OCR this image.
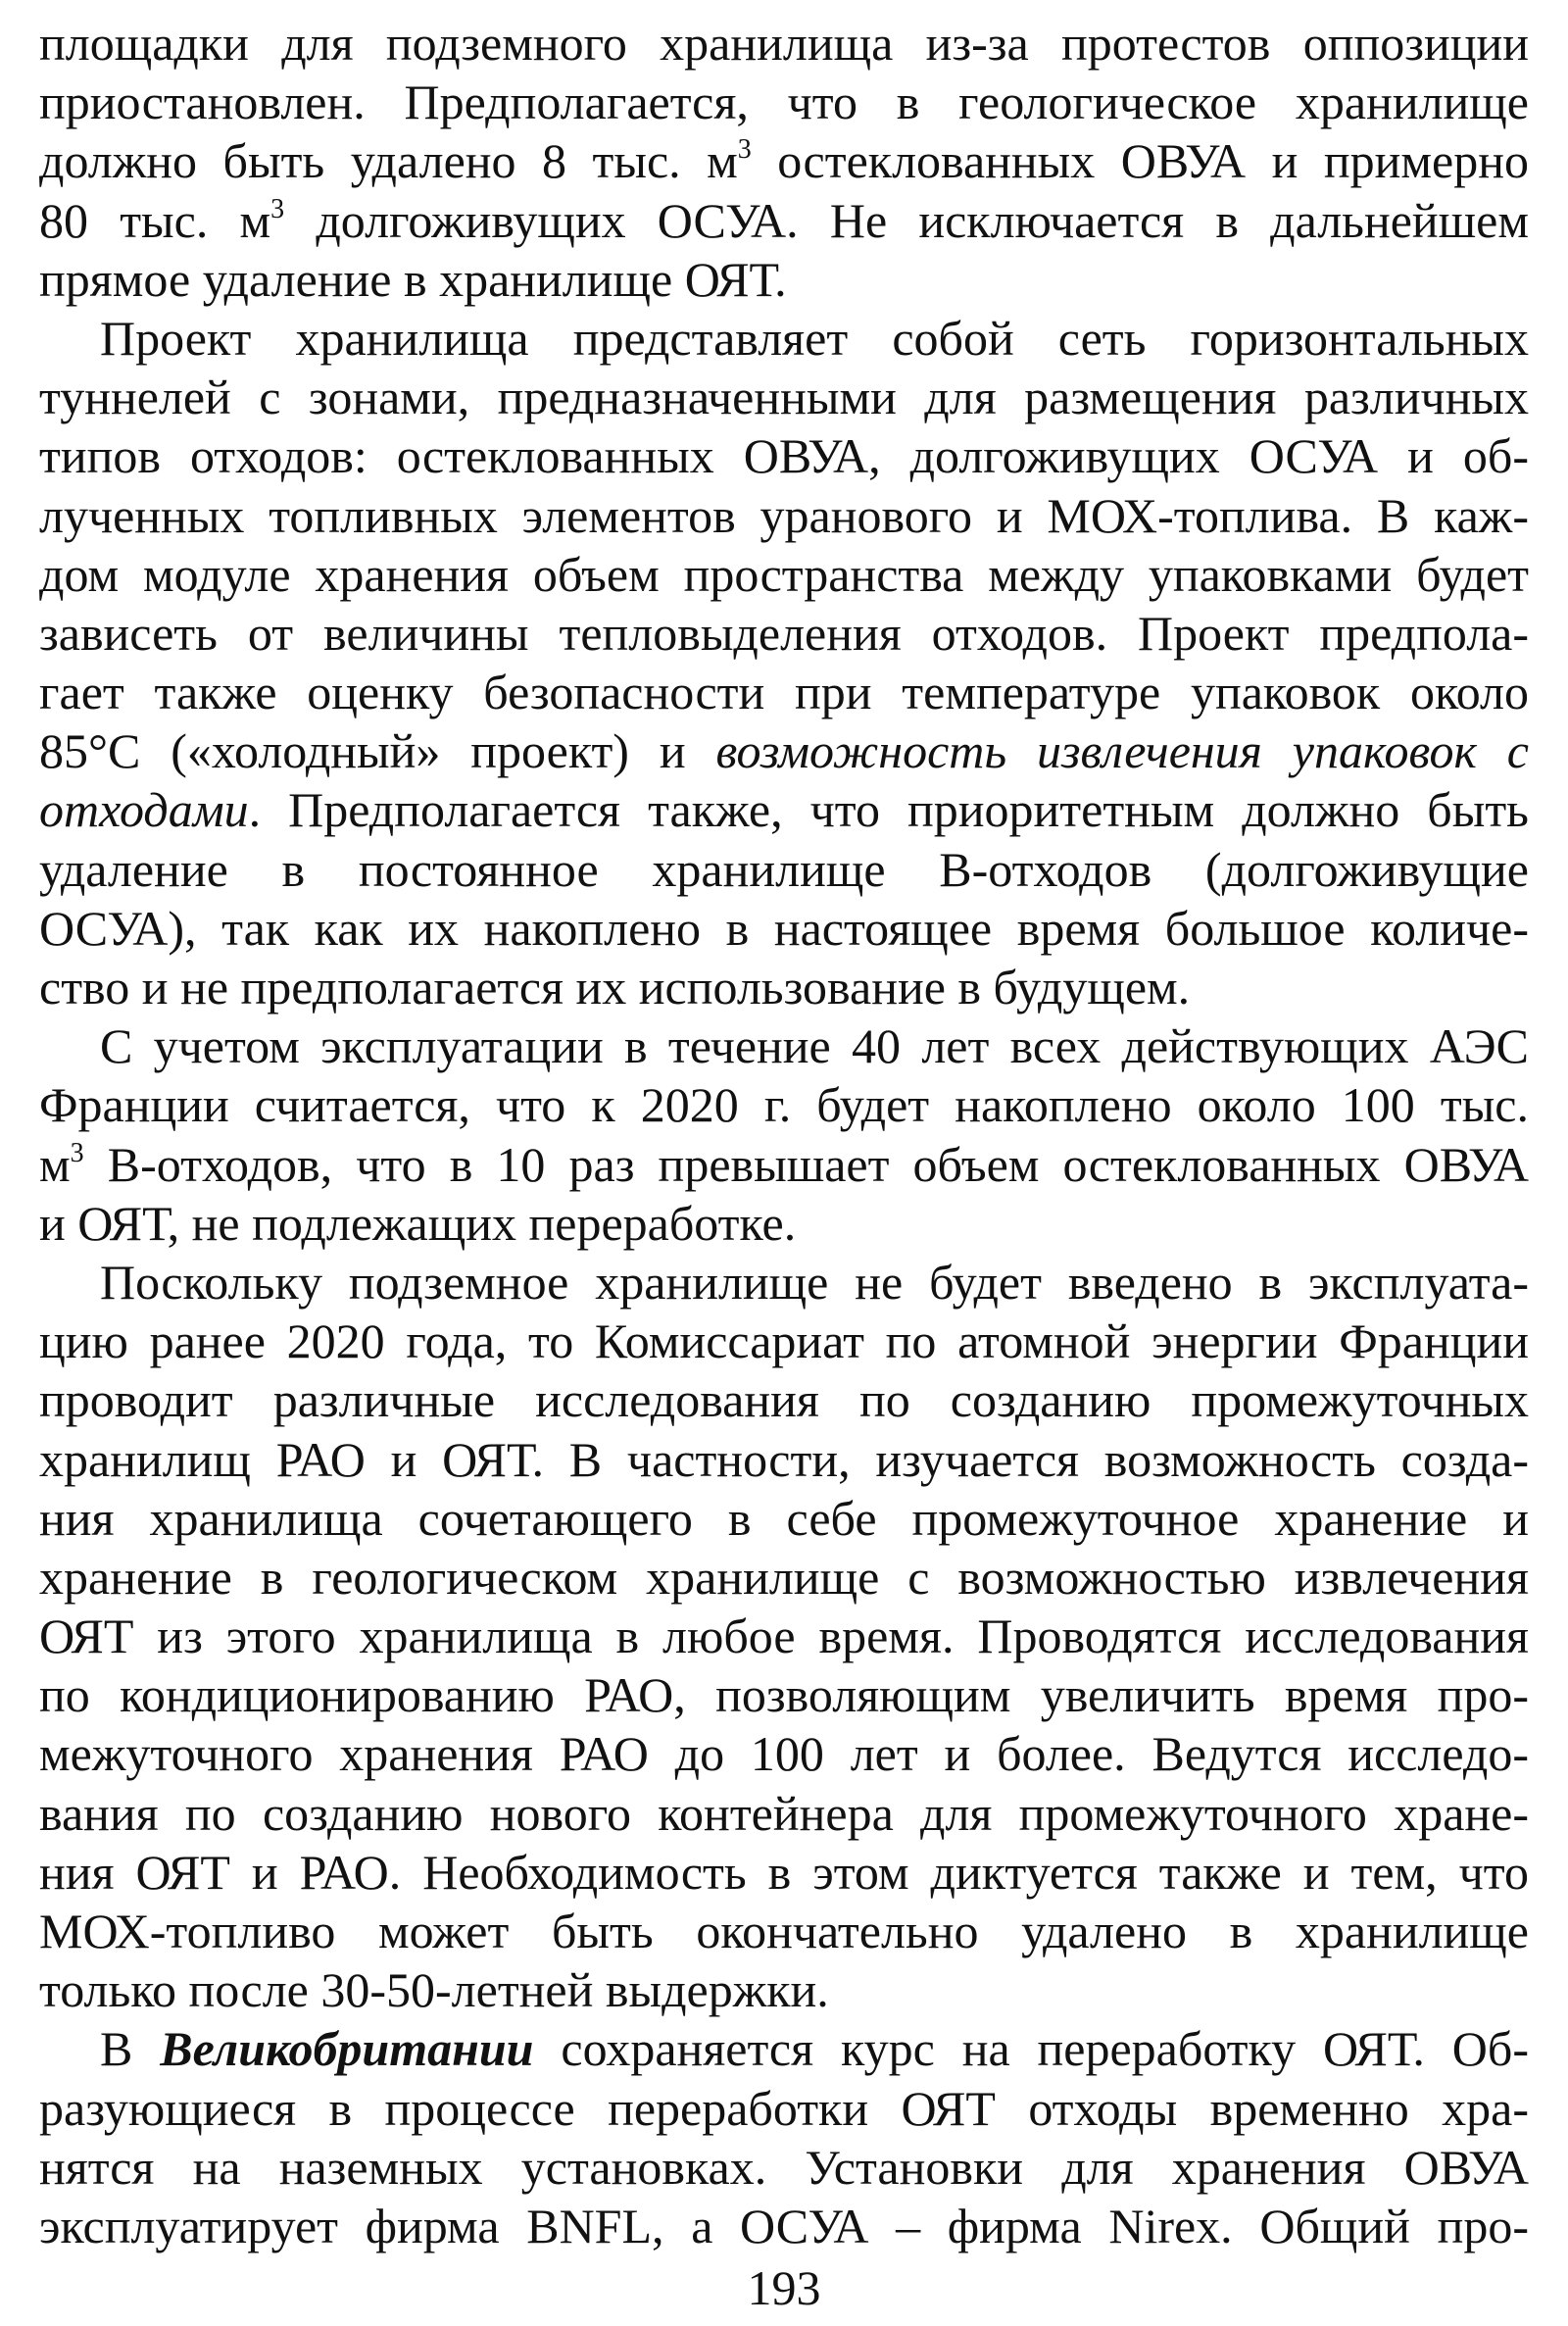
площадки для подземного хранилища из-за протестов оппозиции
приостановлен. Предполагается, что в геологическое хранилище
должно быть удалено 8 тыс. $м^3$ остеклованных ОВУА и примерно
80 тыс. $м^3$ долгоживущих ОСУА. Не исключается в дальнейшем
прямое удаление в хранилище ОЯТ.
Проект хранилища представляет собой сеть горизонтальных
туннелей с зонами, предназначенными для размещения различных
типов отходов: остеклованных ОВУА, долгоживущих ОСУА и об-
лученных топливных элементов уранового и МОХ-топлива. В каж-
дом модуле хранения объем пространства между упаковками будет
зависеть от величины тепловыделения отходов. Проект предпола-
гает также оценку безопасности при температуре упаковок около
85°С («холодный» проект) и возможность извлечения упаковок с
отходами. Предполагается также, что приоритетным должно быть
удаление в постоянное хранилище В-отходов (долгоживущие
ОСУА), так как их накоплено в настоящее время большое количе-
ство и не предполагается их использование в будущем.
С учетом эксплуатации в течение 40 лет всех действующих АЭС
Франции считается, что к 2020 г. будет накоплено около 100 тыс.
$м^3$ В-отходов, что в 10 раз превышает объем остеклованных ОВУА
и ОЯТ, не подлежащих переработке.
Поскольку подземное хранилище не будет введено в эксплуата-
цию ранее 2020 года, то Комиссариат по атомной энергии Франции
проводит различные исследования по созданию промежуточных
хранилищ РАО и ОЯТ. В частности, изучается возможность созда-
ния хранилища сочетающего в себе промежуточное хранение и
хранение в геологическом хранилище с возможностью извлечения
ОЯТ из этого хранилища в любое время. Проводятся исследования
по кондиционированию РАО, позволяющим увеличить время про-
межуточного хранения РАО до 100 лет и более. Ведутся исследо-
вания по созданию нового контейнера для промежуточного хране-
ния ОЯТ и РАО. Необходимость в этом диктуется также и тем, что
МОХ-топливо может быть окончательно удалено в хранилище
только после 30-50-летней выдержки.
В Великобритании сохраняется курс на переработку ОЯТ. Об-
разующиеся в процессе переработки ОЯТ отходы временно хра-
нятся на наземных установках. Установки для хранения ОВУА
эксплуатирует фирма BNFL, а ОСУА – фирма Nirex. Общий про-
193
